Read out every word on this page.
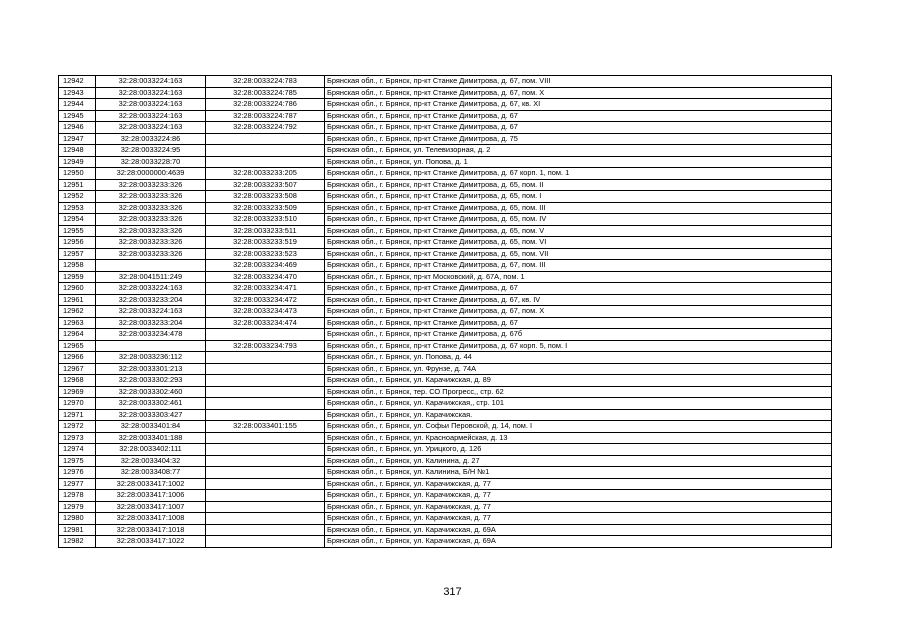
12942	32:28:0033224:163	32:28:0033224:783	Брянская обл., г. Брянск, пр-кт Станке Димитрова, д. 67, пом. VIII
12943	32:28:0033224:163	32:28:0033224:785	Брянская обл., г. Брянск, пр-кт Станке Димитрова, д. 67, пом. X
12944	32:28:0033224:163	32:28:0033224:786	Брянская обл., г. Брянск, пр-кт Станке Димитрова, д. 67, кв. XI
12945	32:28:0033224:163	32:28:0033224:787	Брянская обл., г. Брянск, пр-кт Станке Димитрова, д. 67
12946	32:28:0033224:163	32:28:0033224:792	Брянская обл., г. Брянск, пр-кт Станке Димитрова, д. 67
12947	32:28:0033224:86		Брянская обл., г. Брянск, пр-кт Станке Димитрова, д. 75
12948	32:28:0033224:95		Брянская обл., г. Брянск, ул. Телевизорная, д. 2
12949	32:28:0033228:70		Брянская обл., г. Брянск, ул. Попова, д. 1
12950	32:28:0000000:4639	32:28:0033233:205	Брянская обл., г. Брянск, пр-кт Станке Димитрова, д. 67 корп. 1, пом. 1
12951	32:28:0033233:326	32:28:0033233:507	Брянская обл., г. Брянск, пр-кт Станке Димитрова, д. 65, пом. II
12952	32:28:0033233:326	32:28:0033233:508	Брянская обл., г. Брянск, пр-кт Станке Димитрова, д. 65, пом. I
12953	32:28:0033233:326	32:28:0033233:509	Брянская обл., г. Брянск, пр-кт Станке Димитрова, д. 65, пом. III
12954	32:28:0033233:326	32:28:0033233:510	Брянская обл., г. Брянск, пр-кт Станке Димитрова, д. 65, пом. IV
12955	32:28:0033233:326	32:28:0033233:511	Брянская обл., г. Брянск, пр-кт Станке Димитрова, д. 65, пом. V
12956	32:28:0033233:326	32:28:0033233:519	Брянская обл., г. Брянск, пр-кт Станке Димитрова, д. 65, пом. VI
12957	32:28:0033233:326	32:28:0033233:523	Брянская обл., г. Брянск, пр-кт Станке Димитрова, д. 65, пом. VII
12958		32:28:0033234:469	Брянская обл., г. Брянск, пр-кт Станке Димитрова, д. 67, пом. III
12959	32:28:0041511:249	32:28:0033234:470	Брянская обл., г. Брянск, пр-кт Московский, д. 67А, пом. 1
12960	32:28:0033224:163	32:28:0033234:471	Брянская обл., г. Брянск, пр-кт Станке Димитрова, д. 67
12961	32:28:0033233:204	32:28:0033234:472	Брянская обл., г. Брянск, пр-кт Станке Димитрова, д. 67, кв. IV
12962	32:28:0033224:163	32:28:0033234:473	Брянская обл., г. Брянск, пр-кт Станке Димитрова, д. 67, пом. X
12963	32:28:0033233:204	32:28:0033234:474	Брянская обл., г. Брянск, пр-кт Станке Димитрова, д. 67
12964	32:28:0033234:478		Брянская обл., г. Брянск, пр-кт Станке Димитрова, д. 67б
12965		32:28:0033234:793	Брянская обл., г. Брянск, пр-кт Станке Димитрова, д. 67 корп. 5, пом. I
12966	32:28:0033236:112		Брянская обл., г. Брянск, ул. Попова, д. 44
12967	32:28:0033301:213		Брянская обл., г. Брянск, ул. Фрунзе, д. 74А
12968	32:28:0033302:293		Брянская обл., г. Брянск, ул. Карачижская, д. 89
12969	32:28:0033302:460		Брянская обл., г. Брянск, тер. СО Прогресс,, стр. 62
12970	32:28:0033302:461		Брянская обл., г. Брянск, ул. Карачижская,, стр. 101
12971	32:28:0033303:427		Брянская обл., г. Брянск, ул. Карачижская.
12972	32:28:0033401:84	32:28:0033401:155	Брянская обл., г. Брянск, ул. Софьи Перовской, д. 14, пом. I
12973	32:28:0033401:188		Брянская обл., г. Брянск, ул. Красноармейская, д. 13
12974	32:28:0033402:111		Брянская обл., г. Брянск, ул. Урицкого, д. 126
12975	32:28:0033404:32		Брянская обл., г. Брянск, ул. Калинина, д. 27
12976	32:28:0033408:77		Брянская обл., г. Брянск, ул. Калинина, Б/Н №1
12977	32:28:0033417:1002		Брянская обл., г. Брянск, ул. Карачижская, д. 77
12978	32:28:0033417:1006		Брянская обл., г. Брянск, ул. Карачижская, д. 77
12979	32:28:0033417:1007		Брянская обл., г. Брянск, ул. Карачижская, д. 77
12980	32:28:0033417:1008		Брянская обл., г. Брянск, ул. Карачижская, д. 77
12981	32:28:0033417:1018		Брянская обл., г. Брянск, ул. Карачижская, д. 69А
12982	32:28:0033417:1022		Брянская обл., г. Брянск, ул. Карачижская, д. 69А
317
